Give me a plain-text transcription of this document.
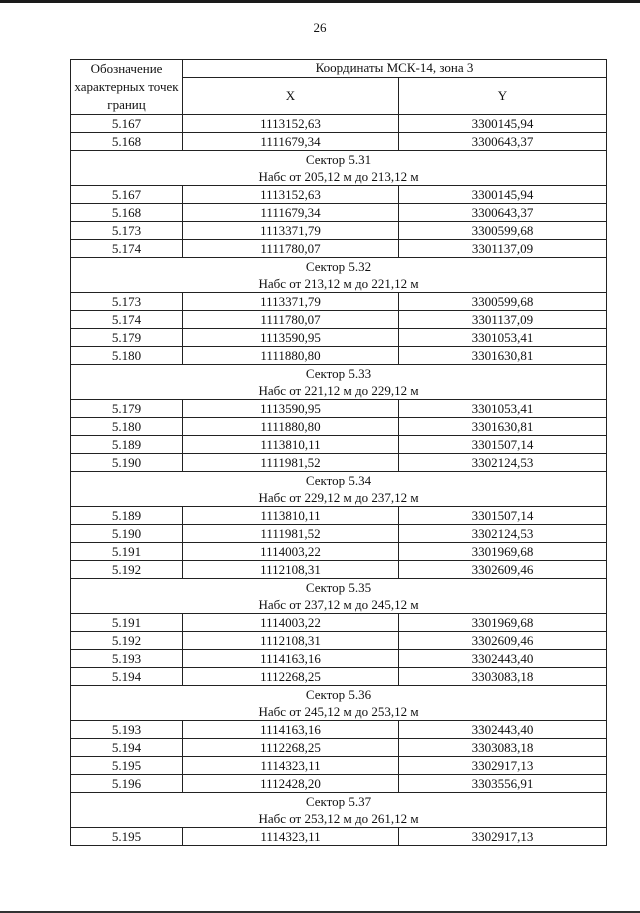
26
Обозначение характерных точек границ	Координаты МСК-14, зона 3	
	X	Y
5.167	1113152,63	3300145,94
5.168	1111679,34	3300643,37

Сектор 5.31
Набс от 205,12 м до 213,12 м		

5.167	1113152,63	3300145,94
5.168	1111679,34	3300643,37
5.173	1113371,79	3300599,68
5.174	1111780,07	3301137,09

Сектор 5.32
Набс от 213,12 м до 221,12 м		

5.173	1113371,79	3300599,68
5.174	1111780,07	3301137,09
5.179	1113590,95	3301053,41
5.180	1111880,80	3301630,81

Сектор 5.33
Набс от 221,12 м до 229,12 м		

5.179	1113590,95	3301053,41
5.180	1111880,80	3301630,81
5.189	1113810,11	3301507,14
5.190	1111981,52	3302124,53

Сектор 5.34
Набс от 229,12 м до 237,12 м		

5.189	1113810,11	3301507,14
5.190	1111981,52	3302124,53
5.191	1114003,22	3301969,68
5.192	1112108,31	3302609,46

Сектор 5.35
Набс от 237,12 м до 245,12 м		

5.191	1114003,22	3301969,68
5.192	1112108,31	3302609,46
5.193	1114163,16	3302443,40
5.194	1112268,25	3303083,18

Сектор 5.36
Набс от 245,12 м до 253,12 м		

5.193	1114163,16	3302443,40
5.194	1112268,25	3303083,18
5.195	1114323,11	3302917,13
5.196	1112428,20	3303556,91

Сектор 5.37
Набс от 253,12 м до 261,12 м		

5.195	1114323,11	3302917,13
